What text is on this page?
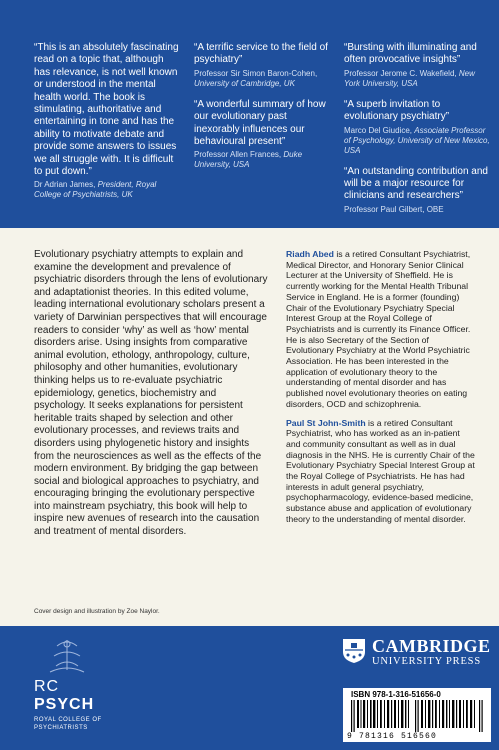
“This is an absolutely fascinating read on a topic that, although has relevance, is not well known or understood in the mental health world. The book is stimulating, authoritative and entertaining in tone and has the ability to motivate debate and provide some answers to issues we all struggle with. It is difficult to put down.”
Dr Adrian James, President, Royal College of Psychiatrists, UK
“A terrific service to the field of psychiatry”
Professor Sir Simon Baron-Cohen, University of Cambridge, UK
“A wonderful summary of how our evolutionary past inexorably influences our behavioural present”
Professor Allen Frances, Duke University, USA
“Bursting with illuminating and often provocative insights”
Professor Jerome C. Wakefield, New York University, USA
“A superb invitation to evolutionary psychiatry”
Marco Del Giudice, Associate Professor of Psychology, University of New Mexico, USA
“An outstanding contribution and will be a major resource for clinicians and researchers”
Professor Paul Gilbert, OBE
Evolutionary psychiatry attempts to explain and examine the development and prevalence of psychiatric disorders through the lens of evolutionary and adaptationist theories. In this edited volume, leading international evolutionary scholars present a variety of Darwinian perspectives that will encourage readers to consider ‘why’ as well as ‘how’ mental disorders arise. Using insights from comparative animal evolution, ethology, anthropology, culture, philosophy and other humanities, evolutionary thinking helps us to re-evaluate psychiatric epidemiology, genetics, biochemistry and psychology. It seeks explanations for persistent heritable traits shaped by selection and other evolutionary processes, and reviews traits and disorders using phylogenetic history and insights from the neurosciences as well as the effects of the modern environment. By bridging the gap between social and biological approaches to psychiatry, and encouraging bringing the evolutionary perspective into mainstream psychiatry, this book will help to inspire new avenues of research into the causation and treatment of mental disorders.

Riadh Abed is a retired Consultant Psychiatrist, Medical Director, and Honorary Senior Clinical Lecturer at the University of Sheffield. He is currently working for the Mental Health Tribunal Service in England. He is a former (founding) Chair of the Evolutionary Psychiatry Special Interest Group at the Royal College of Psychiatrists and is currently its Finance Officer. He is also Secretary of the Section of Evolutionary Psychiatry at the World Psychiatric Association. He has been interested in the application of evolutionary theory to the understanding of mental disorder and has published novel evolutionary theories on eating disorders, OCD and schizophrenia.

Paul St John-Smith is a retired Consultant Psychiatrist, who has worked as an in-patient and community consultant as well as in dual diagnosis in the NHS. He is currently Chair of the Evolutionary Psychiatry Special Interest Group at the Royal College of Psychiatrists. He has had interests in adult general psychiatry, psychopharmacology, evidence-based medicine, substance abuse and application of evolutionary theory to the understanding of mental disorder.

Cover design and illustration by Zoe Naylor.
RC
PSYCH
ROYAL COLLEGE OF PSYCHIATRISTS
CAMBRIDGE
UNIVERSITY PRESS
ISBN 978-1-316-51656-0
9 781316 516560
